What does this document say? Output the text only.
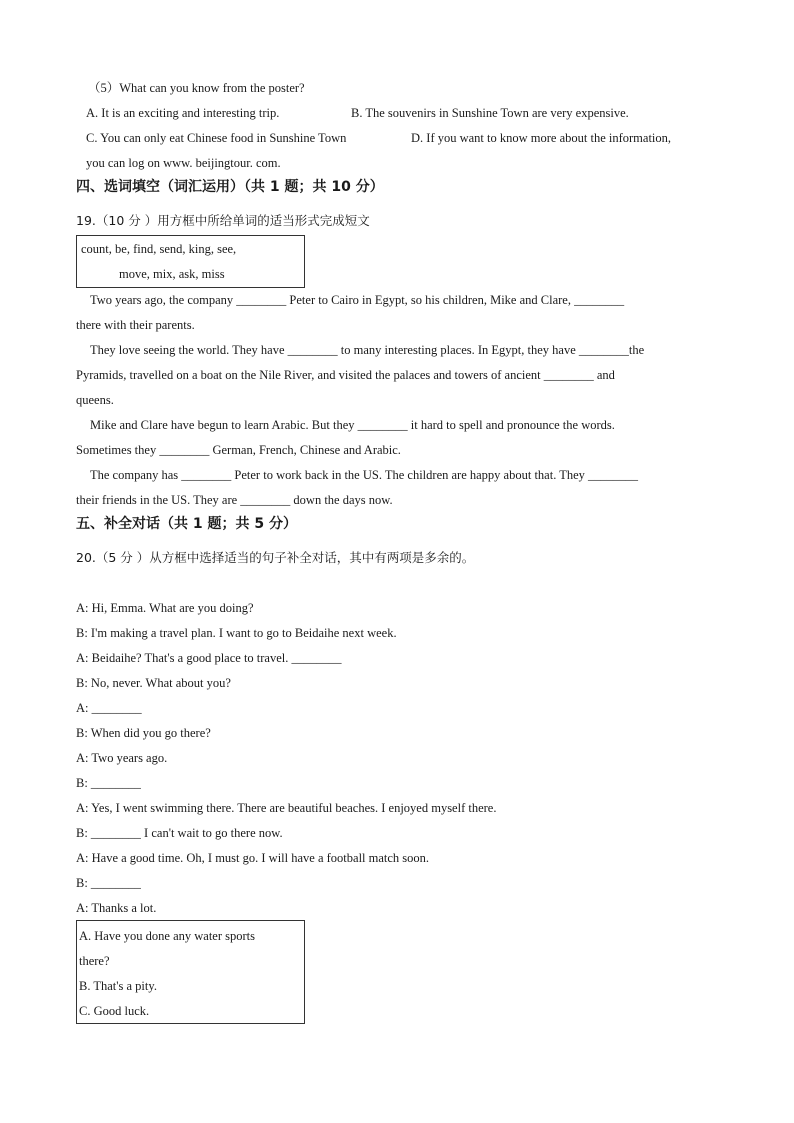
（5）What can you know from the poster?
A. It is an exciting and interesting trip.	B. The souvenirs in Sunshine Town are very expensive.
C. You can only eat Chinese food in Sunshine Town	D. If you want to know more about the information,
you can log on www. beijingtour. com.
四、选词填空（词汇运用）（共 1 题；共 10 分）
19.（10 分 ）用方框中所给单词的适当形式完成短文
count, be, find, send, king, see,
move, mix, ask, miss
Two years ago, the company ________ Peter to Cairo in Egypt, so his children, Mike and Clare, ________
there with their parents.
They love seeing the world. They have ________ to many interesting places. In Egypt, they have ________the
Pyramids, travelled on a boat on the Nile River, and visited the palaces and towers of ancient ________ and
queens.
Mike and Clare have begun to learn Arabic. But they ________ it hard to spell and pronounce the words.
Sometimes they ________ German, French, Chinese and Arabic.
The company has ________ Peter to work back in the US. The children are happy about that. They ________
their friends in the US. They are ________ down the days now.
五、补全对话（共 1 题；共 5 分）
20.（5 分 ）从方框中选择适当的句子补全对话，其中有两项是多余的。
A: Hi, Emma. What are you doing?
B: I'm making a travel plan. I want to go to Beidaihe next week.
A: Beidaihe? That's a good place to travel. ________
B: No, never. What about you?
A: ________
B: When did you go there?
A: Two years ago.
B: ________
A: Yes, I went swimming there. There are beautiful beaches. I enjoyed myself there.
B: ________ I can't wait to go there now.
A: Have a good time. Oh, I must go. I will have a football match soon.
B: ________
A: Thanks a lot.
A. Have you done any water sports
there?
B. That's a pity.
C. Good luck.
